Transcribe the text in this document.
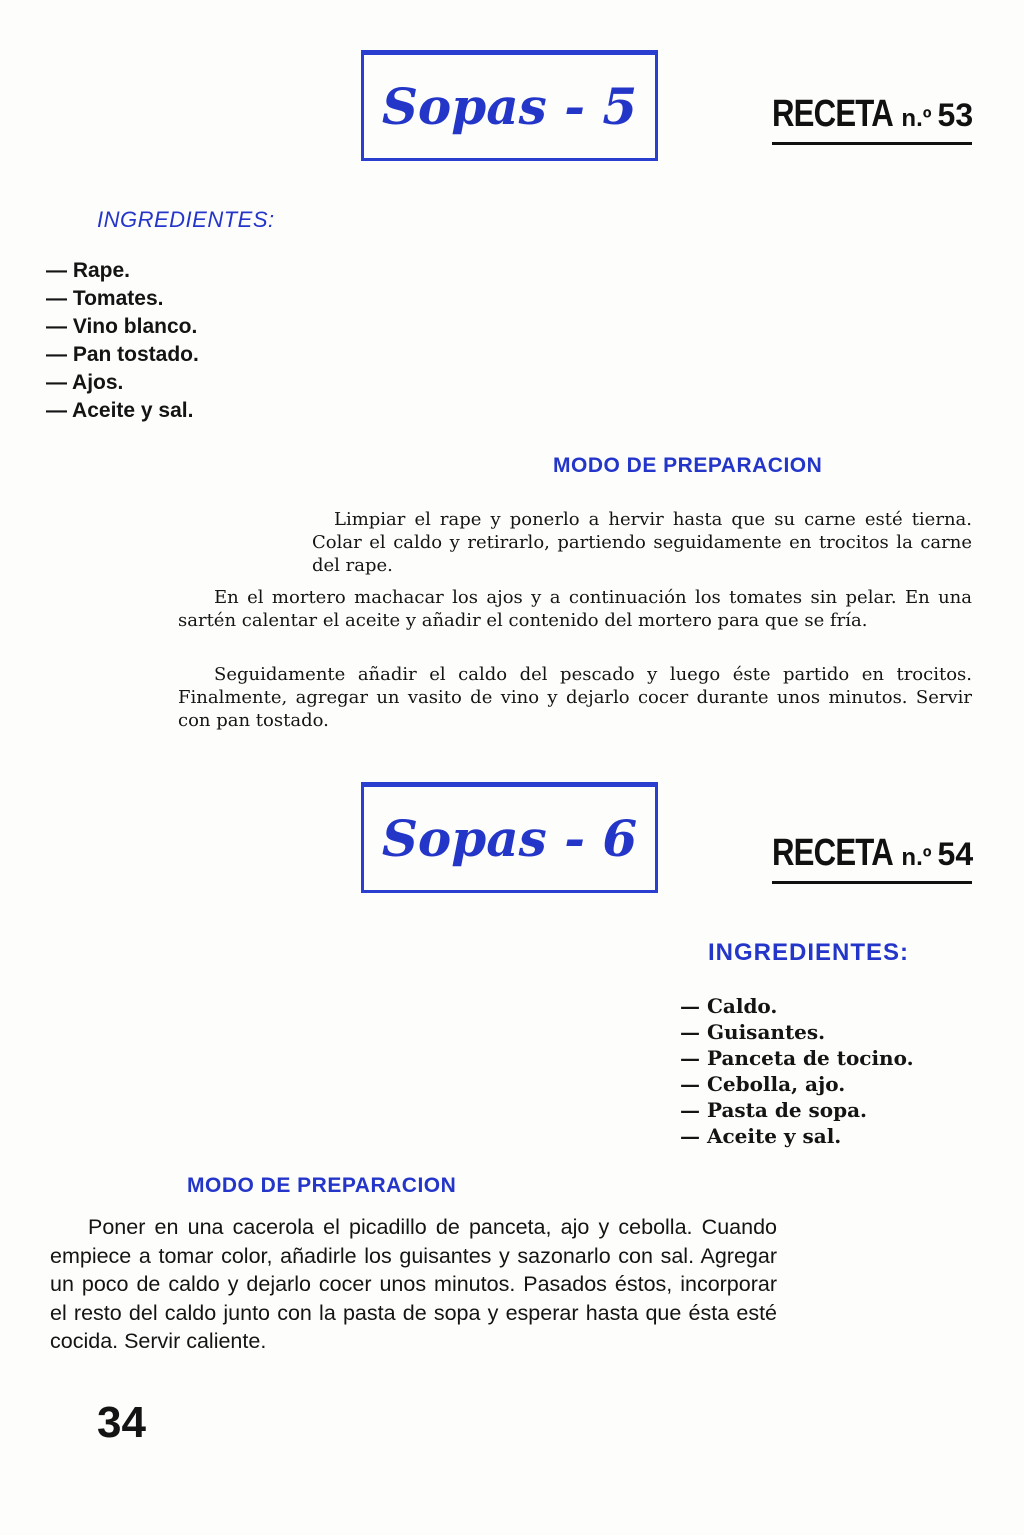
Sopas - 5	RECETA n.º 53
INGREDIENTES:
— Rape.
— Tomates.
— Vino blanco.
— Pan tostado.
— Ajos.
— Aceite y sal.
MODO DE PREPARACION

Limpiar el rape y ponerlo a hervir hasta que su carne esté tierna. Colar el caldo y retirarlo, partiendo seguidamente en trocitos la carne del rape.

En el mortero machacar los ajos y a continuación los tomates sin pelar. En una sartén calentar el aceite y añadir el contenido del mortero para que se fría.

Seguidamente añadir el caldo del pescado y luego éste partido en trocitos. Finalmente, agregar un vasito de vino y dejarlo cocer durante unos minutos. Servir con pan tostado.

Sopas - 6	RECETA n.º 54
INGREDIENTES:
— Caldo.
— Guisantes.
— Panceta de tocino.
— Cebolla, ajo.
— Pasta de sopa.
— Aceite y sal.
MODO DE PREPARACION

Poner en una cacerola el picadillo de panceta, ajo y cebolla. Cuando empiece a tomar color, añadirle los guisantes y sazonarlo con sal. Agregar un poco de caldo y dejarlo cocer unos minutos. Pasados éstos, incorporar el resto del caldo junto con la pasta de sopa y esperar hasta que ésta esté cocida. Servir caliente.

34
